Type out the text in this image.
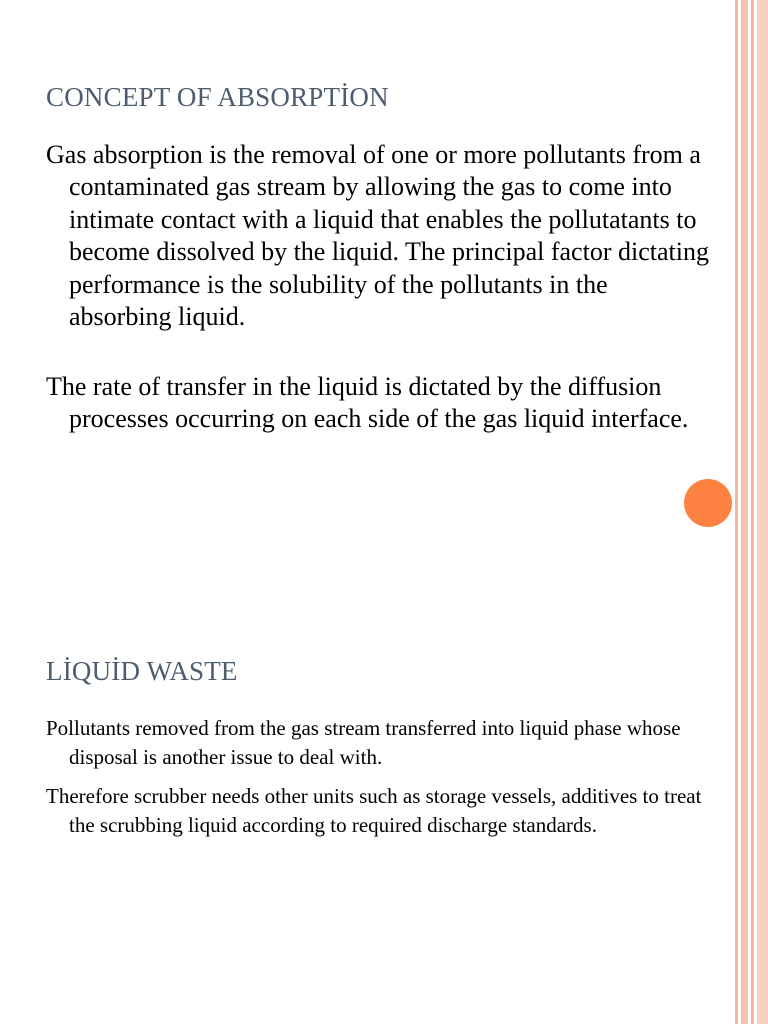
CONCEPT OF ABSORPTİON

Gas absorption is the removal of one or more pollutants from a contaminated gas stream by allowing the gas to come into intimate contact with a liquid that enables the pollutatants to become dissolved by the liquid. The principal factor dictating performance is the solubility of the pollutants in the absorbing liquid.

The rate of transfer in the liquid is dictated by the diffusion processes occurring on each side of the gas liquid interface.

LİQUİD WASTE

Pollutants removed from the gas stream transferred into liquid phase whose disposal is another issue to deal with.

Therefore scrubber needs other units such as storage vessels, additives to treat the scrubbing liquid according to required discharge standards.
